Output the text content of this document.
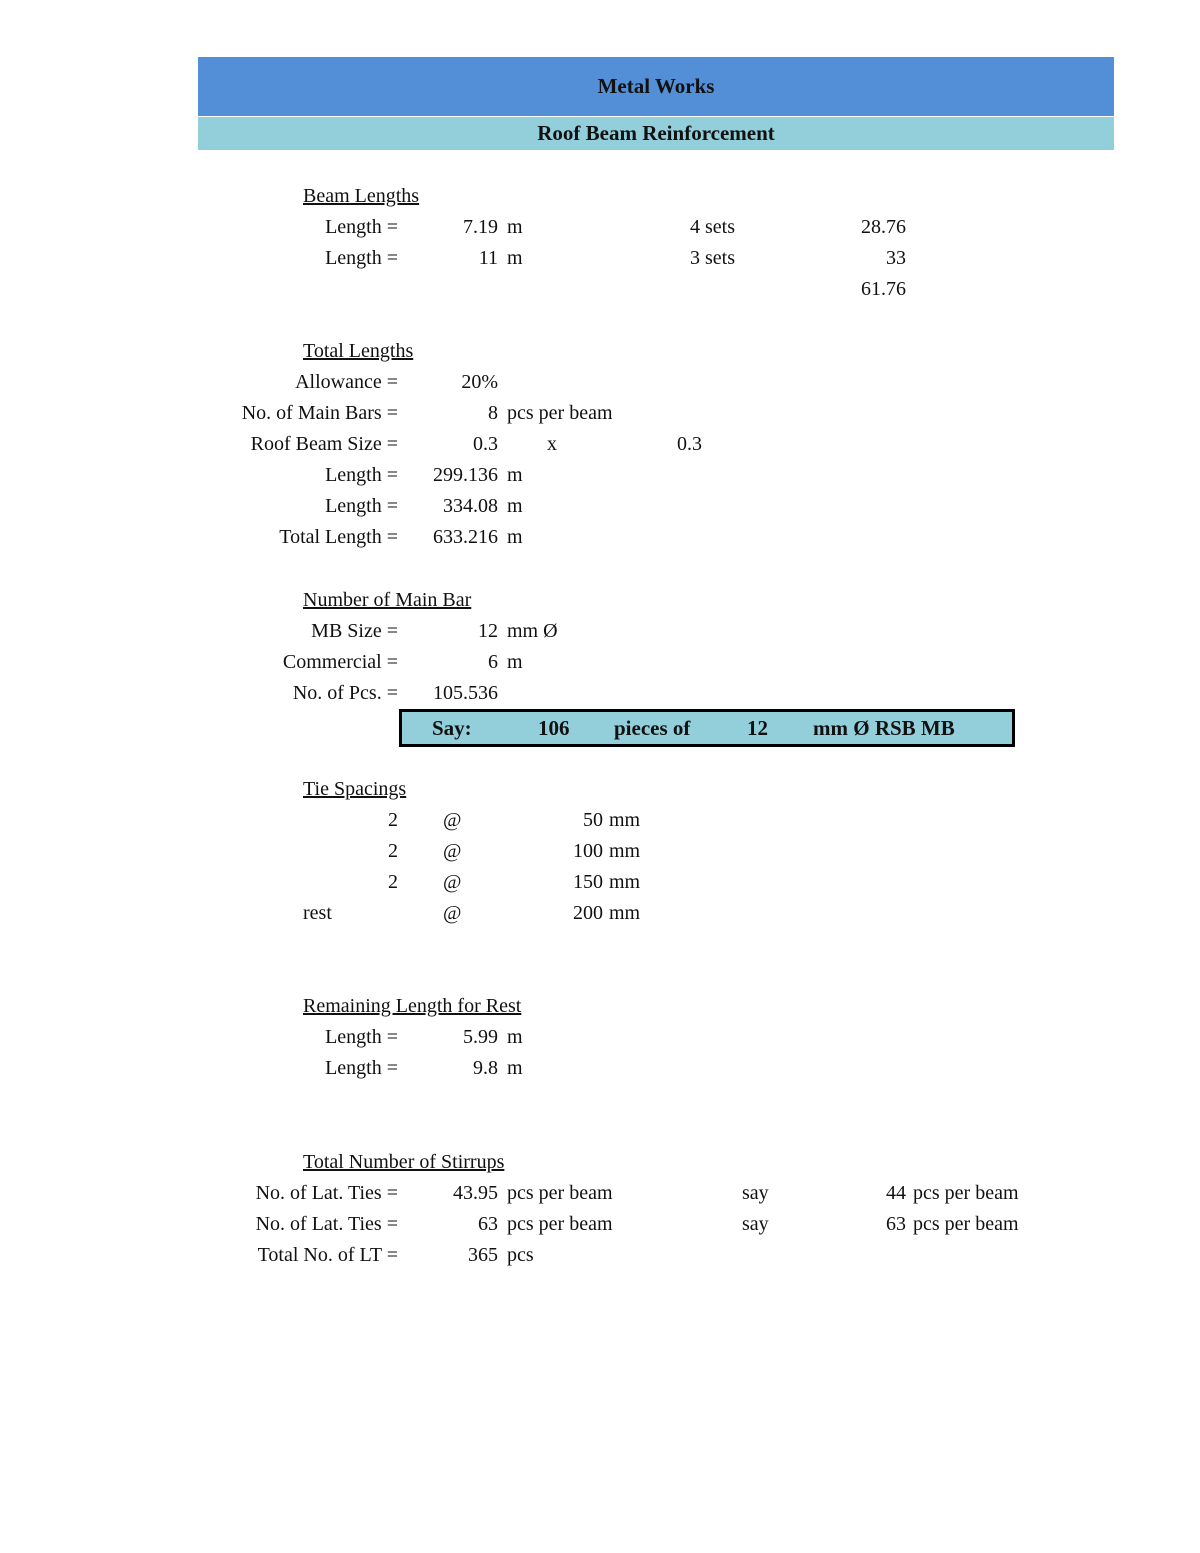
Metal Works
Roof Beam Reinforcement
Beam Lengths
Length =	7.19 m	4 sets	28.76
Length =	11 m	3 sets	33
61.76
Total Lengths
Allowance =	20%
No. of Main Bars =	8 pcs per beam
Roof Beam Size =	0.3 x	0.3
Length = 299.136 m
Length = 334.08 m
Total Length = 633.216 m
Number of Main Bar
MB Size =	12 mm Ø
Commercial =	6 m
No. of Pcs. = 105.536
Say:	106 pieces of	12 mm Ø RSB MB
Tie Spacings
2 @	50 mm
2 @	100 mm
2 @	150 mm
rest	@	200 mm
Remaining Length for Rest
Length =	5.99 m
Length =	9.8 m
Total Number of Stirrups
No. of Lat. Ties =	43.95 pcs per beam	say	44 pcs per beam
No. of Lat. Ties =	63 pcs per beam	say	63 pcs per beam
Total No. of LT =	365 pcs
